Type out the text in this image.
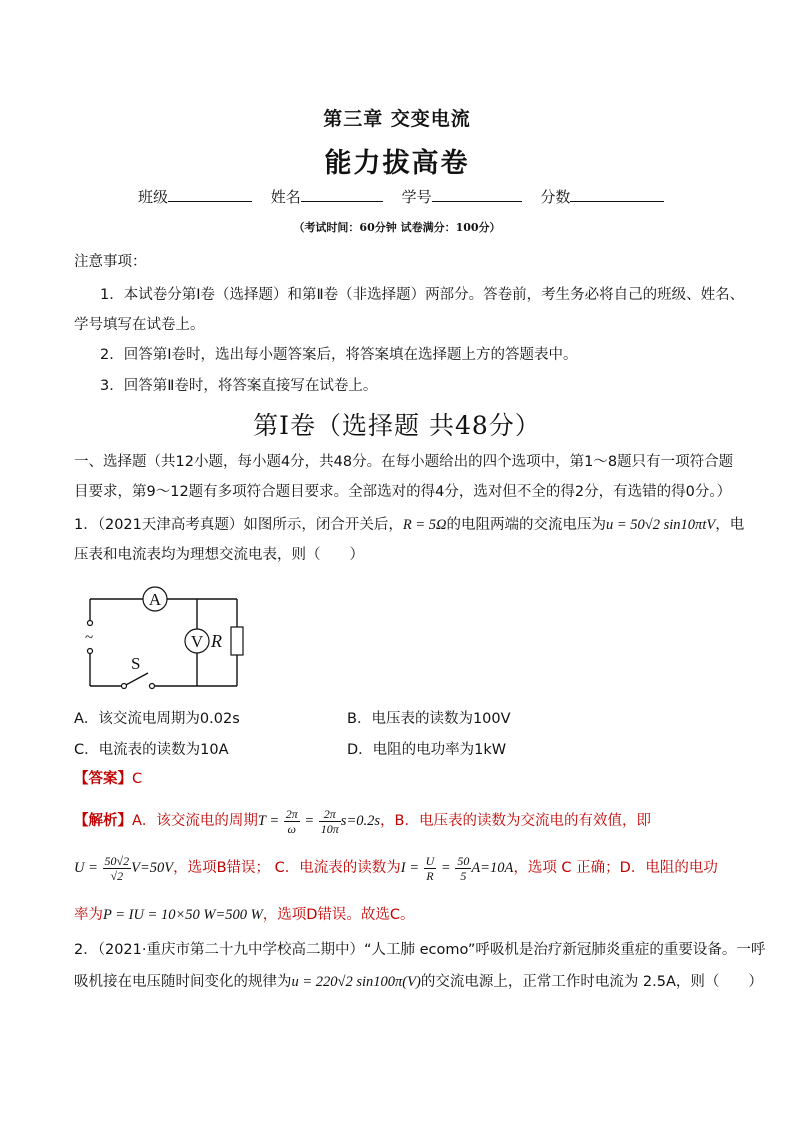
第三章 交变电流
能力拔高卷
班级	姓名	学号	分数
（考试时间：60分钟 试卷满分：100分）
注意事项：
1．本试卷分第Ⅰ卷（选择题）和第Ⅱ卷（非选择题）两部分。答卷前，考生务必将自己的班级、姓名、
学号填写在试卷上。
2．回答第Ⅰ卷时，选出每小题答案后，将答案填在选择题上方的答题表中。
3．回答第Ⅱ卷时，将答案直接写在试卷上。
第Ⅰ卷（选择题 共48分）
一、选择题（共12小题，每小题4分，共48分。在每小题给出的四个选项中，第1～8题只有一项符合题
目要求，第9～12题有多项符合题目要求。全部选对的得4分，选对但不全的得2分，有选错的得0分。）
1．（2021天津高考真题）如图所示，闭合开关后，R = 5Ω的电阻两端的交流电压为u = 50√2 sin10πtV，电
压表和电流表均为理想交流电表，则（　　）
A
V R
S
~
A．该交流电周期为0.02s	B．电压表的读数为100V
C．电流表的读数为10A	D．电阻的电功率为1kW
【答案】C
【解析】A．该交流电的周期$T = \frac{2\pi}{\omega} = \frac{2\pi}{10\pi} s=0.2s$，B．电压表的读数为交流电的有效值，即
$U = \frac{50√2}{√2} V=50V$，选项B错误； C．电流表的读数为$I = \frac{U}{R} = \frac{50}{5} A=10A$，选项 C 正确；D．电阻的电功
率为P = IU = 10×50 W=500 W，选项D错误。故选C。
2．（2021·重庆市第二十九中学校高二期中）“人工肺 ecomo”呼吸机是治疗新冠肺炎重症的重要设备。一呼
吸机接在电压随时间变化的规律为u = 220√2 sin100π(V)的交流电源上，正常工作时电流为 2.5A，则（　　）
